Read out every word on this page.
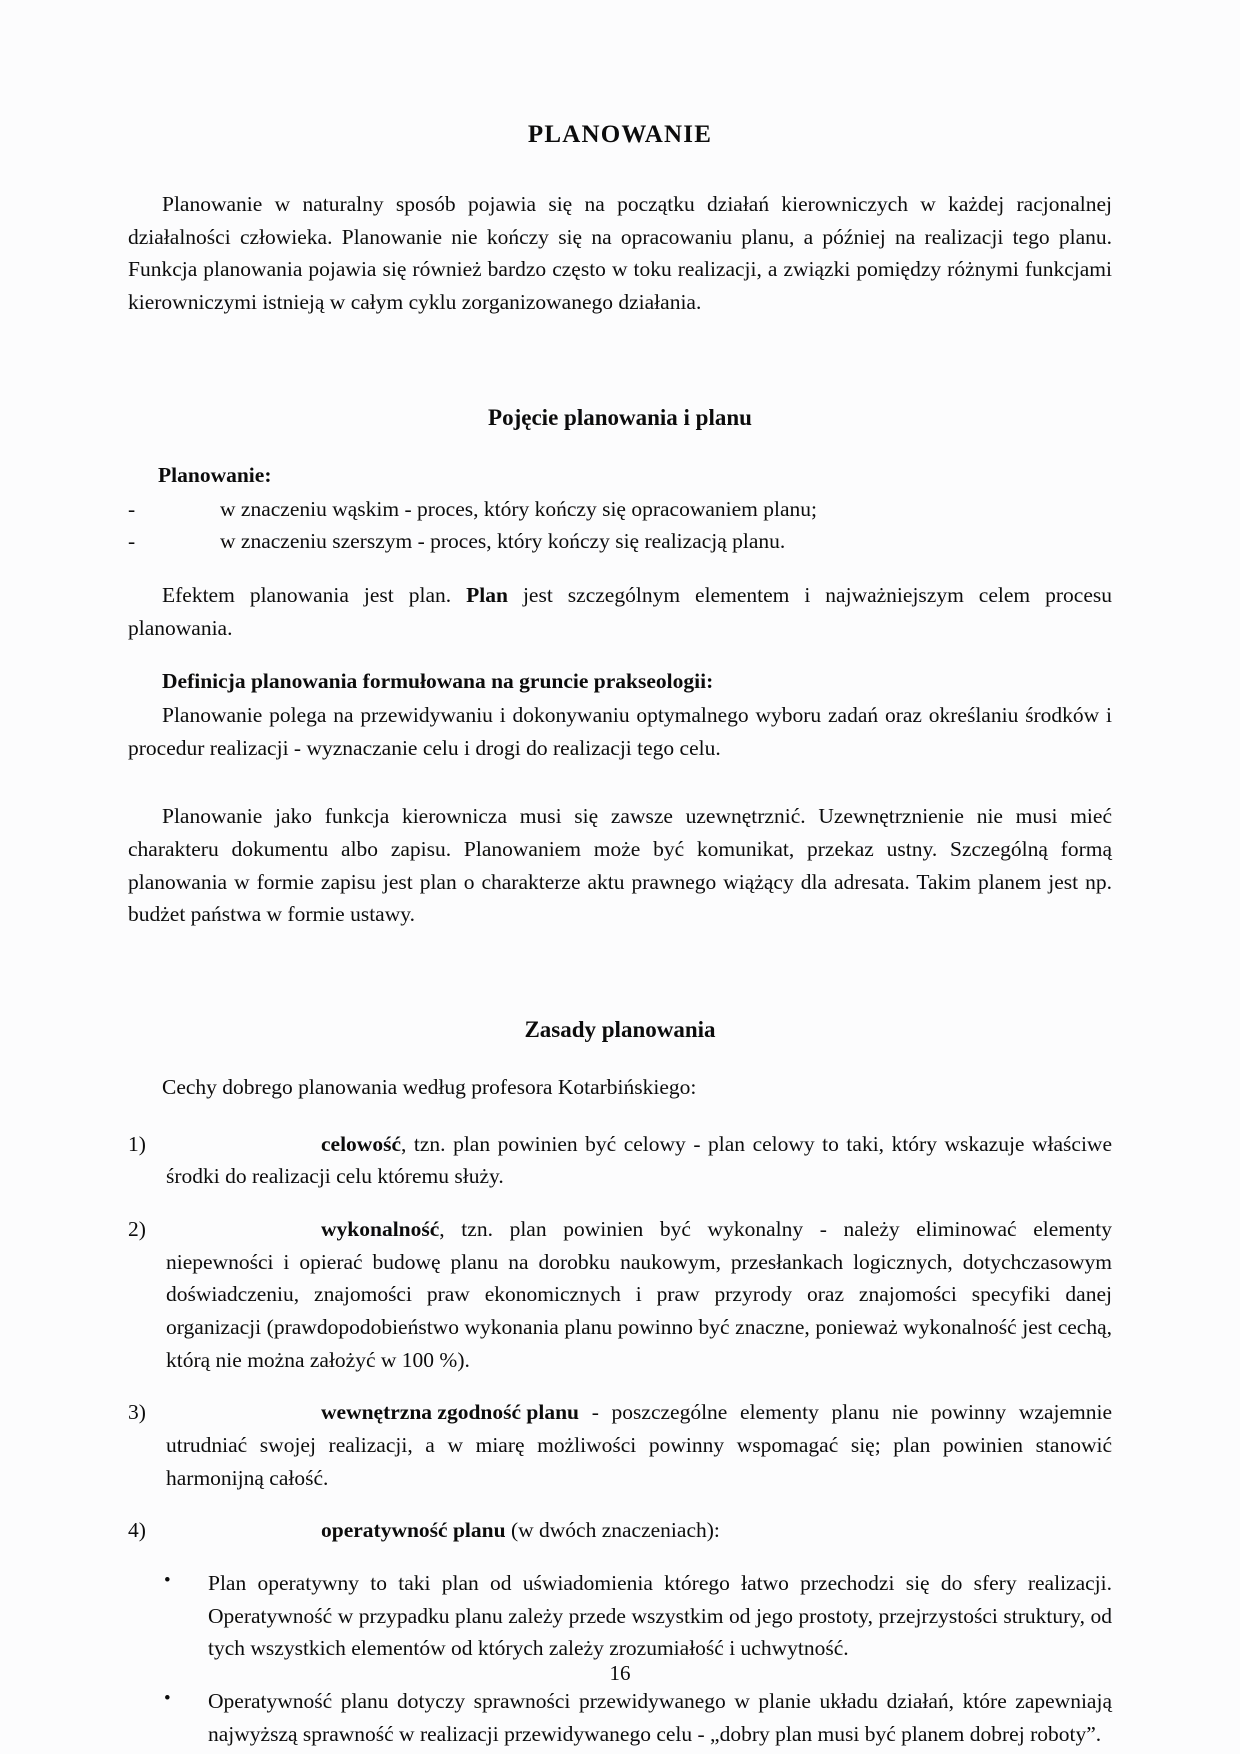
PLANOWANIE

Planowanie w naturalny sposób pojawia się na początku działań kierowniczych w każdej racjonalnej działalności człowieka. Planowanie nie kończy się na opracowaniu planu, a później na realizacji tego planu. Funkcja planowania pojawia się również bardzo często w toku realizacji, a związki pomiędzy różnymi funkcjami kierowniczymi istnieją w całym cyklu zorganizowanego działania.

Pojęcie planowania i planu
Planowanie:
-	w znaczeniu wąskim - proces, który kończy się opracowaniem planu;
-	w znaczeniu szerszym - proces, który kończy się realizacją planu.

Efektem planowania jest plan. Plan jest szczególnym elementem i najważniejszym celem procesu planowania.

Definicja planowania formułowana na gruncie prakseologii:

Planowanie polega na przewidywaniu i dokonywaniu optymalnego wyboru zadań oraz określaniu środków i procedur realizacji - wyznaczanie celu i drogi do realizacji tego celu.

Planowanie jako funkcja kierownicza musi się zawsze uzewnętrznić. Uzewnętrznienie nie musi mieć charakteru dokumentu albo zapisu. Planowaniem może być komunikat, przekaz ustny. Szczególną formą planowania w formie zapisu jest plan o charakterze aktu prawnego wiążący dla adresata. Takim planem jest np. budżet państwa w formie ustawy.

Zasady planowania

Cechy dobrego planowania według profesora Kotarbińskiego:

1)	celowość, tzn. plan powinien być celowy - plan celowy to taki, który wskazuje właściwe środki do realizacji celu któremu służy.
2)	wykonalność, tzn. plan powinien być wykonalny - należy eliminować elementy niepewności i opierać budowę planu na dorobku naukowym, przesłankach logicznych, dotychczasowym doświadczeniu, znajomości praw ekonomicznych i praw przyrody oraz znajomości specyfiki danej organizacji (prawdopodobieństwo wykonania planu powinno być znaczne, ponieważ wykonalność jest cechą, którą nie można założyć w 100 %).
3)	wewnętrzna zgodność planu - poszczególne elementy planu nie powinny wzajemnie utrudniać swojej realizacji, a w miarę możliwości powinny wspomagać się; plan powinien stanowić harmonijną całość.
4)	operatywność planu (w dwóch znaczeniach):
•	Plan operatywny to taki plan od uświadomienia którego łatwo przechodzi się do sfery realizacji. Operatywność w przypadku planu zależy przede wszystkim od jego prostoty, przejrzystości struktury, od tych wszystkich elementów od których zależy zrozumiałość i uchwytność.
•	Operatywność planu dotyczy sprawności przewidywanego w planie układu działań, które zapewniają najwyższą sprawność w realizacji przewidywanego celu - „dobry plan musi być planem dobrej roboty”.
16
